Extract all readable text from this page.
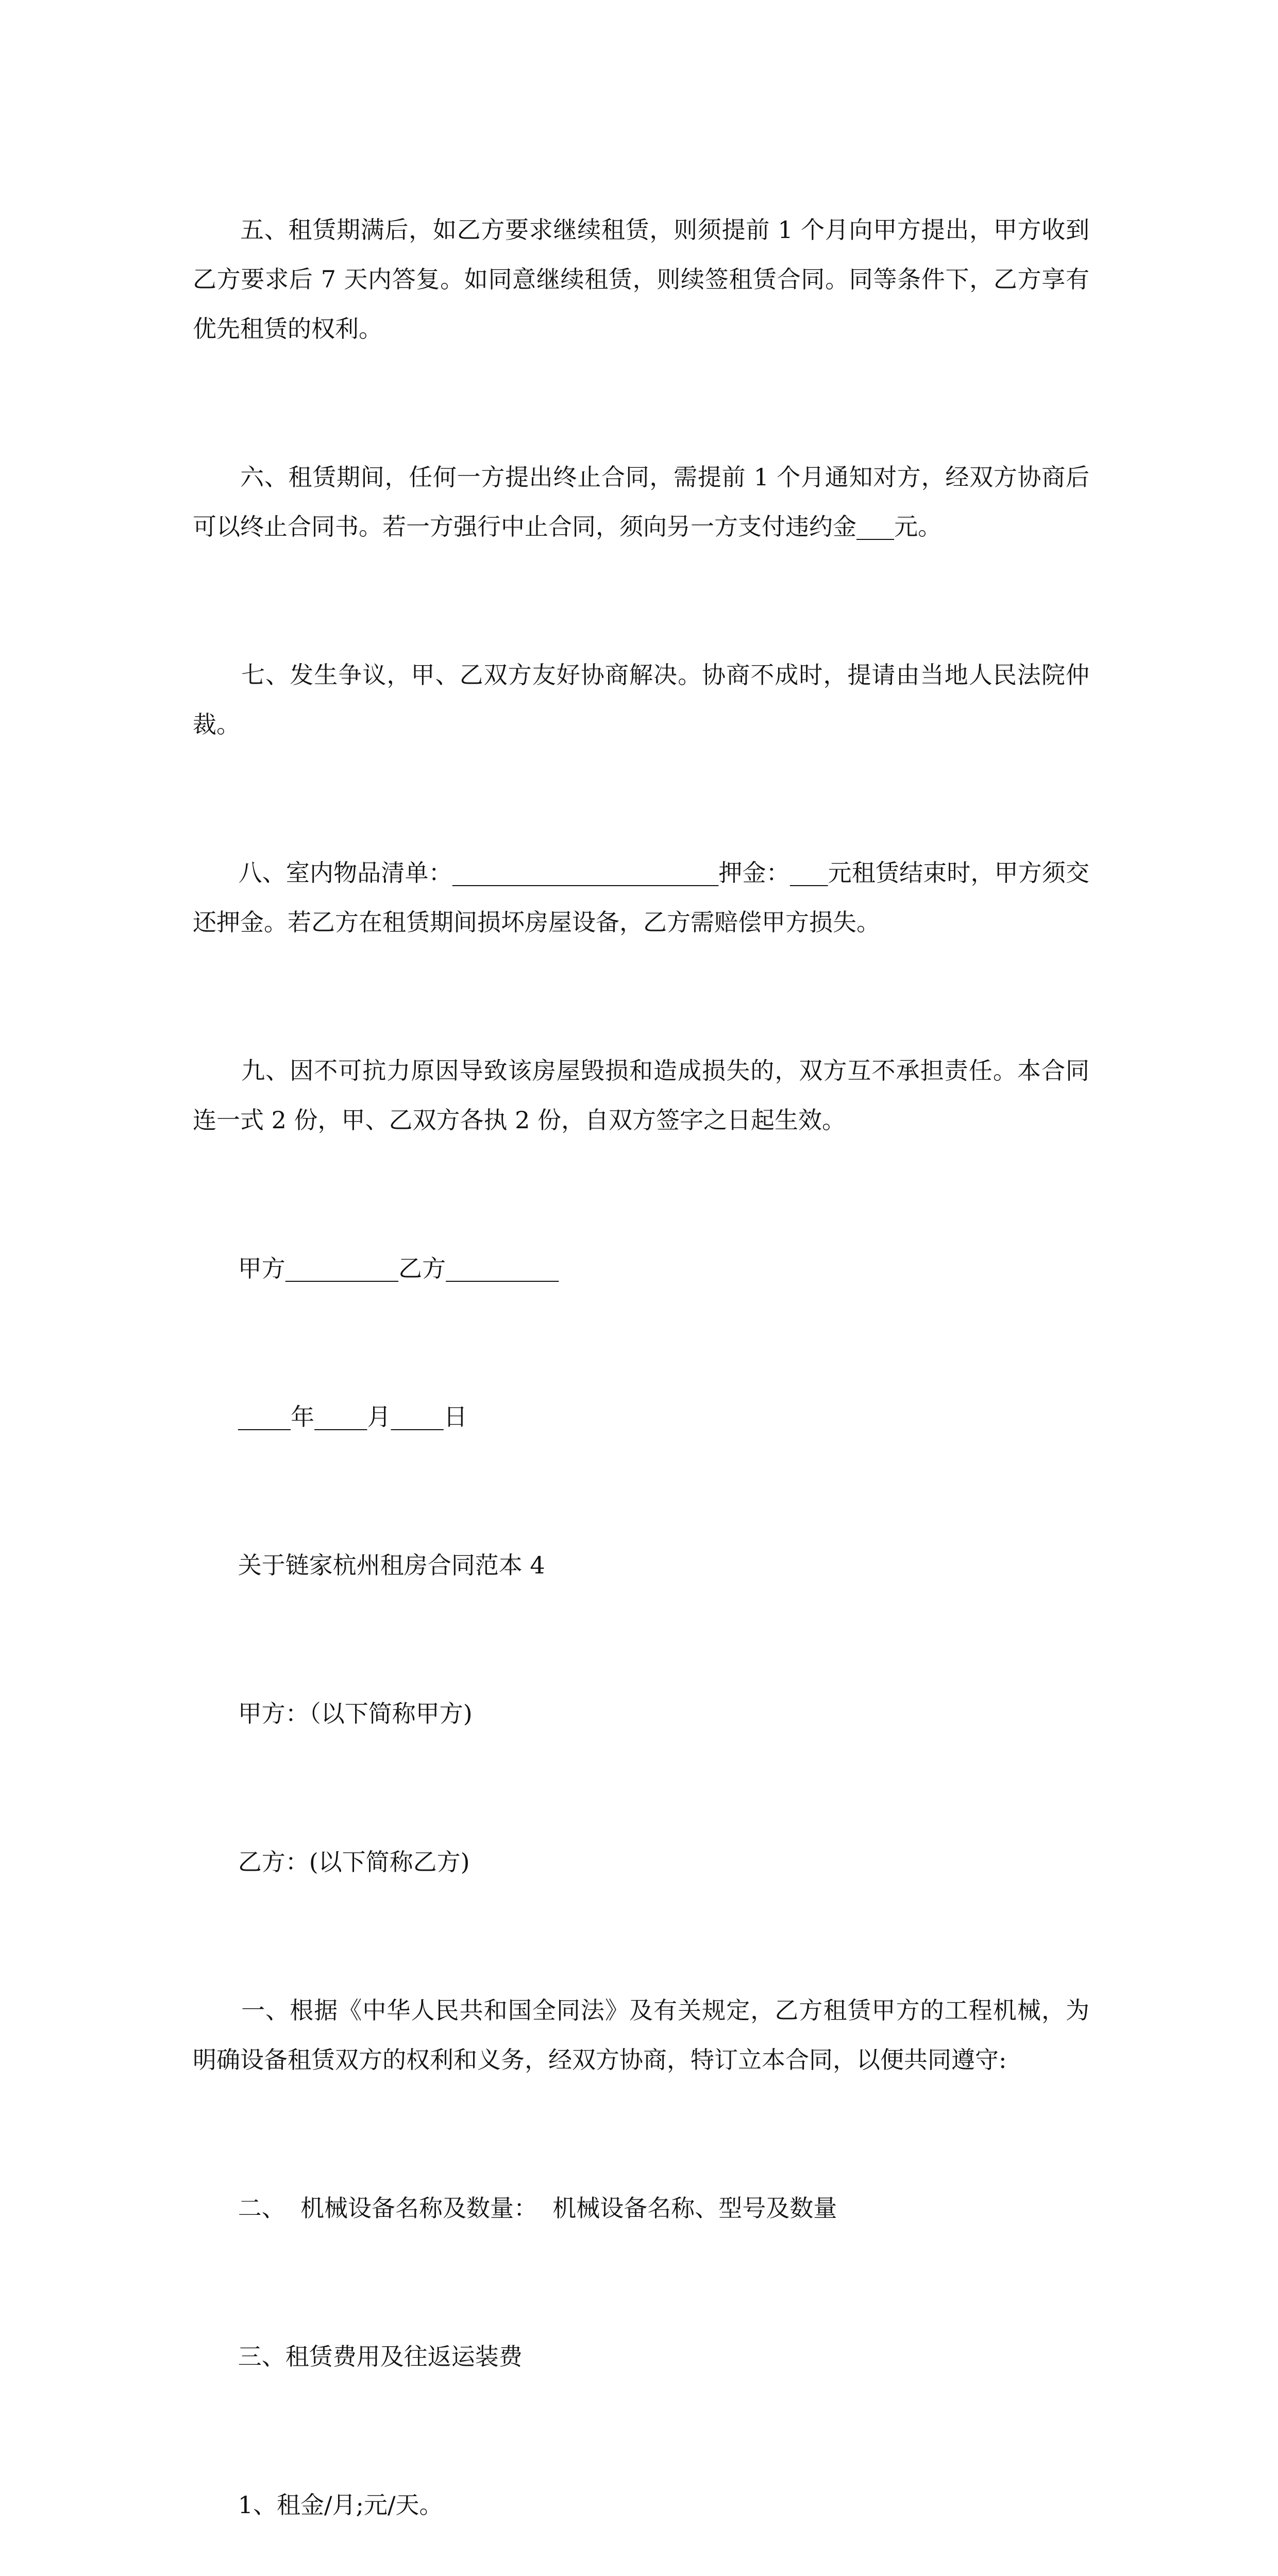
五、租赁期满后，如乙方要求继续租赁，则须提前 1 个月向甲方提出，甲方收到乙方要求后 7 天内答复。如同意继续租赁，则续签租赁合同。同等条件下，乙方享有优先租赁的权利。

六、租赁期间，任何一方提出终止合同，需提前 1 个月通知对方，经双方协商后可以终止合同书。若一方强行中止合同，须向另一方支付违约金 元。

七、发生争议，甲、乙双方友好协商解决。协商不成时，提请由当地人民法院仲裁。

八、室内物品清单：	押金： 元租赁结束时，甲方须交还押金。若乙方在租赁期间损坏房屋设备，乙方需赔偿甲方损失。

九、因不可抗力原因导致该房屋毁损和造成损失的，双方互不承担责任。本合同连一式 2 份，甲、乙双方各执 2 份，自双方签字之日起生效。

甲方	乙方

年 月 日

关于链家杭州租房合同范本 4

甲方：（以下简称甲方)

乙方：(以下简称乙方)

一、根据《中华人民共和国全同法》及有关规定，乙方租赁甲方的工程机械，为明确设备租赁双方的权利和义务，经双方协商，特订立本合同，以便共同遵守:

二、  机械设备名称及数量：  机械设备名称、型号及数量

三、租赁费用及往返运装费

1、租金/月;元/天。
